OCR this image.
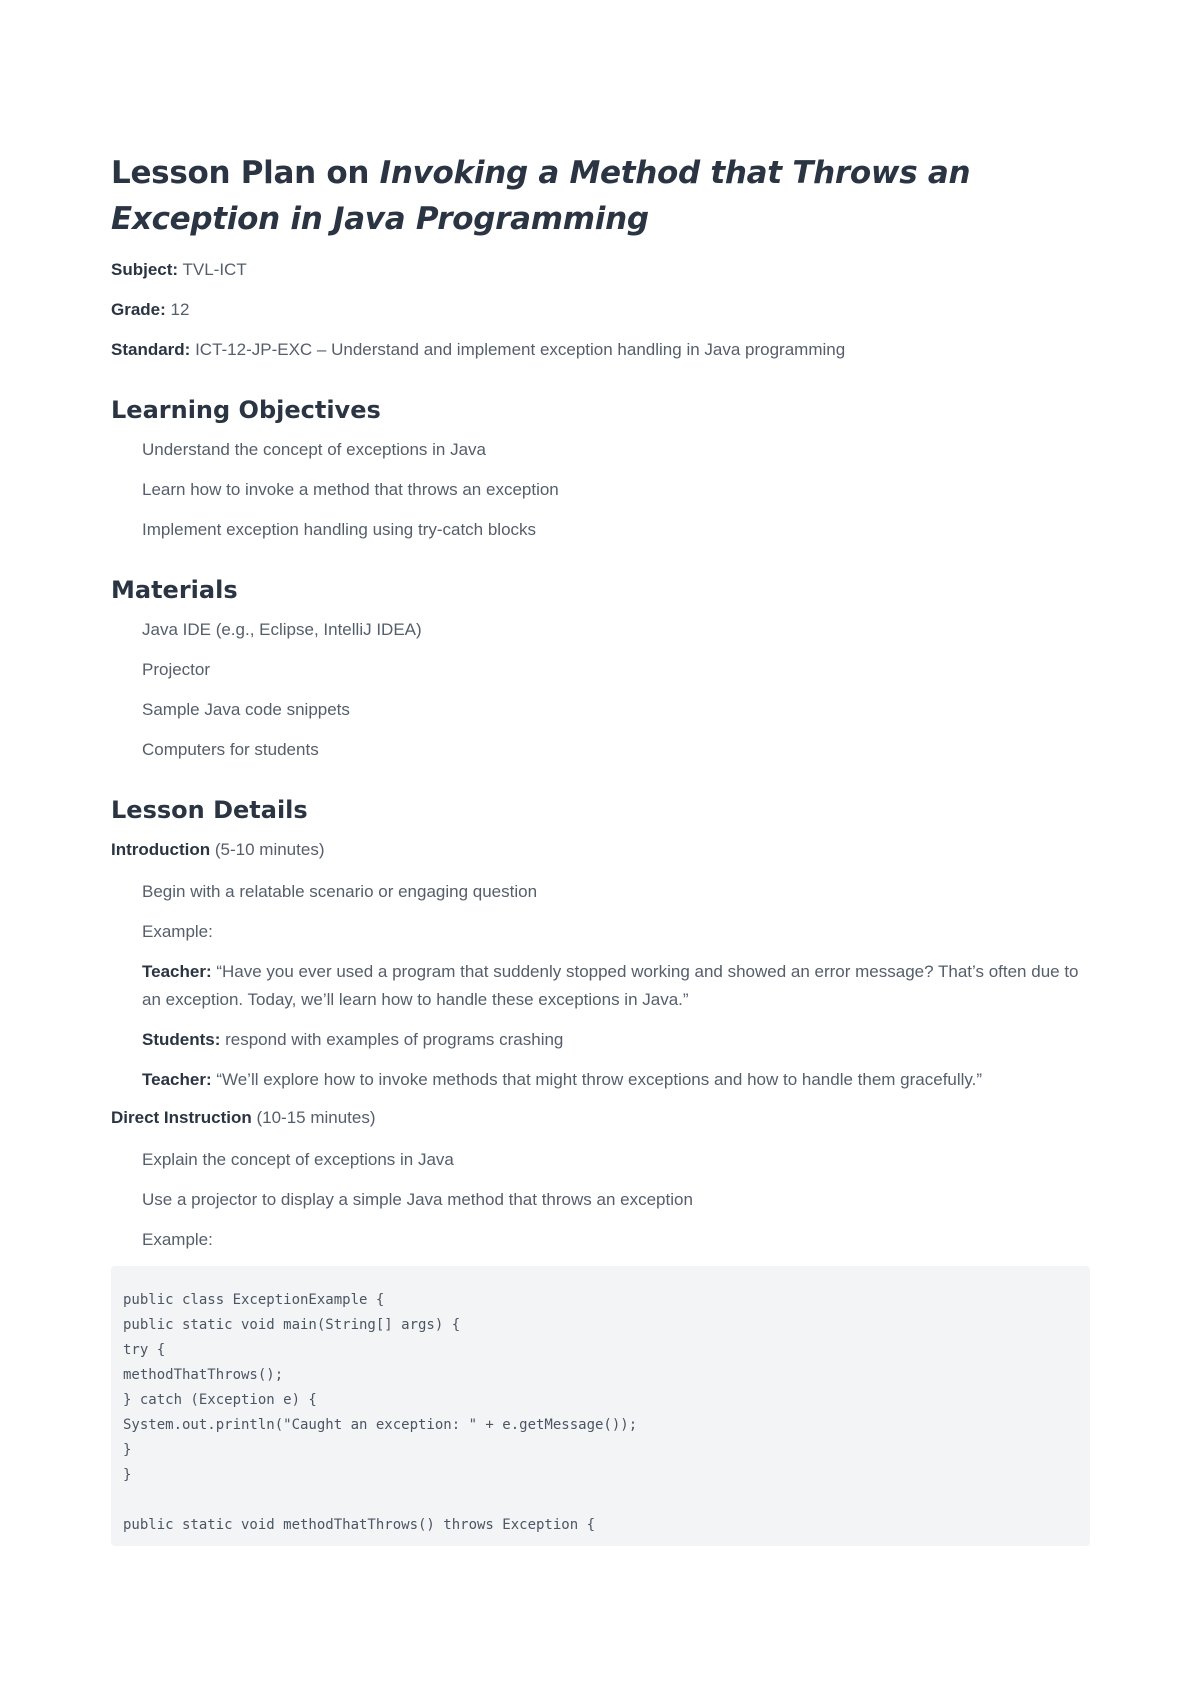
Lesson Plan on Invoking a Method that Throws an Exception in Java Programming

Subject: TVL-ICT

Grade: 12

Standard: ICT-12-JP-EXC – Understand and implement exception handling in Java programming

Learning Objectives
Understand the concept of exceptions in Java
Learn how to invoke a method that throws an exception
Implement exception handling using try-catch blocks
Materials
Java IDE (e.g., Eclipse, IntelliJ IDEA)
Projector
Sample Java code snippets
Computers for students
Lesson Details

Introduction (5-10 minutes)

Begin with a relatable scenario or engaging question

Example:

Teacher: “Have you ever used a program that suddenly stopped working and showed an error message? That’s often due to an exception. Today, we’ll learn how to handle these exceptions in Java.”

Students: respond with examples of programs crashing

Teacher: “We’ll explore how to invoke methods that might throw exceptions and how to handle them gracefully.”

Direct Instruction (10-15 minutes)

Explain the concept of exceptions in Java

Use a projector to display a simple Java method that throws an exception

Example:

public class ExceptionExample {
public static void main(String[] args) {
try {
methodThatThrows();
} catch (Exception e) {
System.out.println("Caught an exception: " + e.getMessage());
}
}

public static void methodThatThrows() throws Exception {
